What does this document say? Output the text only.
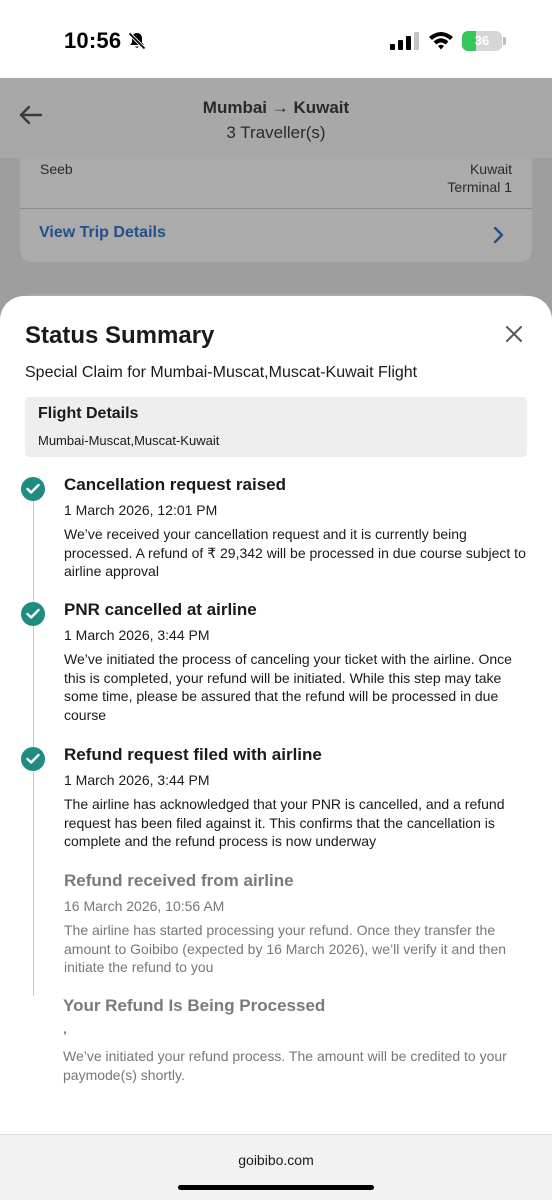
10:56	36
Mumbai → Kuwait
3 Traveller(s)
Seeb	Kuwait
Terminal 1
View Trip Details
Status Summary
Special Claim for Mumbai-Muscat,Muscat-Kuwait Flight
Flight Details
Mumbai-Muscat,Muscat-Kuwait
Cancellation request raised
1 March 2026, 12:01 PM
We’ve received your cancellation request and it is currently being processed. A refund of ₹ 29,342 will be processed in due course subject to airline approval
PNR cancelled at airline
1 March 2026, 3:44 PM
We’ve initiated the process of canceling your ticket with the airline. Once this is completed, your refund will be initiated. While this step may take some time, please be assured that the refund will be processed in due course
Refund request filed with airline
1 March 2026, 3:44 PM
The airline has acknowledged that your PNR is cancelled, and a refund request has been filed against it. This confirms that the cancellation is complete and the refund process is now underway
Refund received from airline
16 March 2026, 10:56 AM
The airline has started processing your refund. Once they transfer the amount to Goibibo (expected by 16 March 2026), we’ll verify it and then initiate the refund to you
Your Refund Is Being Processed
,
We’ve initiated your refund process. The amount will be credited to your paymode(s) shortly.
goibibo.com
